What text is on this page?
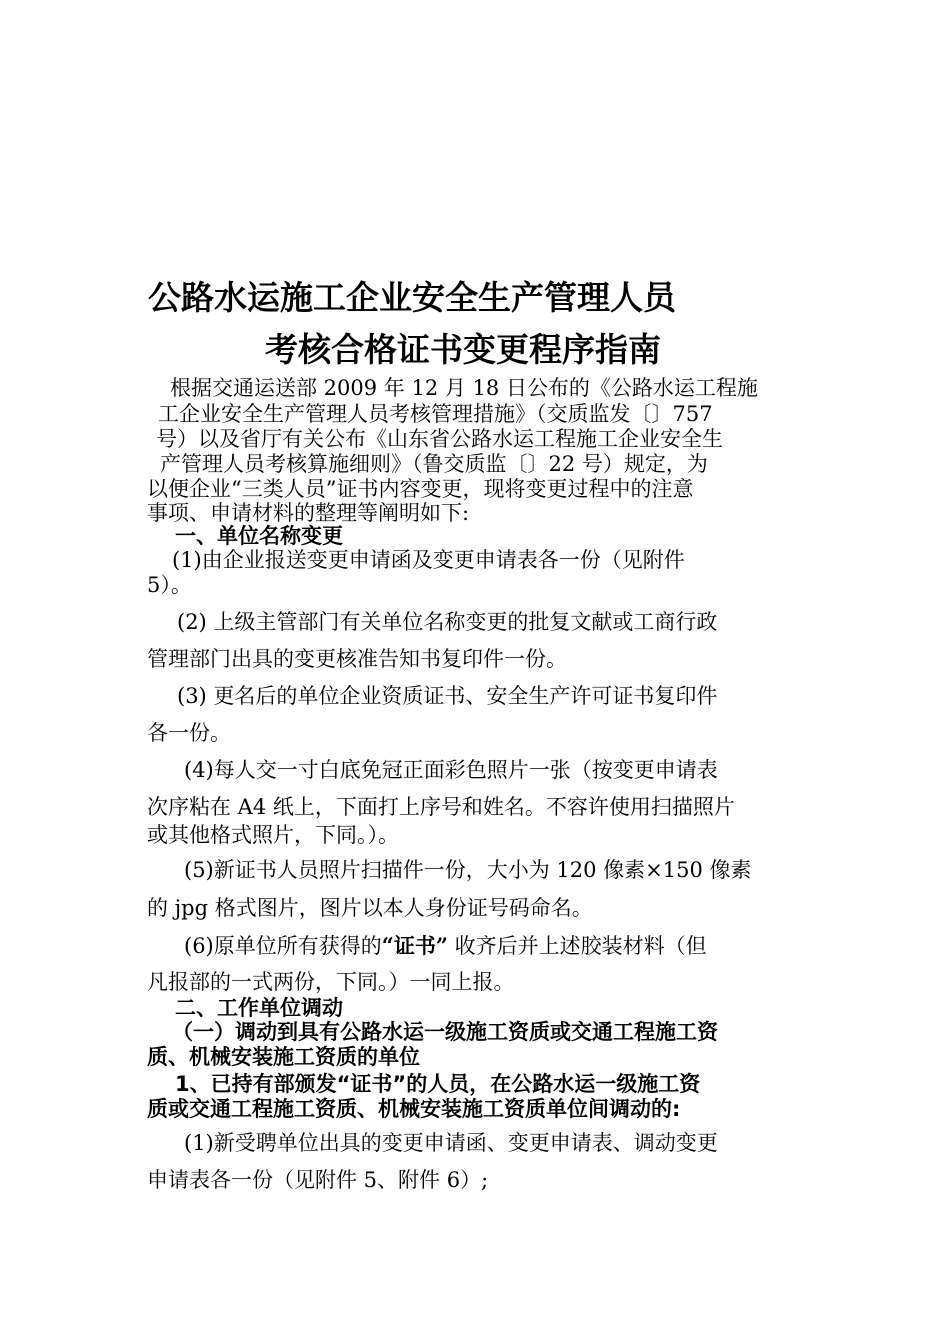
公路水运施工企业安全生产管理人员
考核合格证书变更程序指南
根据交通运送部 2009 年 12 月 18 日公布的《公路水运工程施
工企业安全生产管理人员考核管理措施》（交质监发〔〕757
号）以及省厅有关公布《山东省公路水运工程施工企业安全生
产管理人员考核算施细则》（鲁交质监〔〕22 号）规定，为
以便企业“三类人员”证书内容变更，现将变更过程中的注意
事项、申请材料的整理等阐明如下:
一、单位名称变更
(1)由企业报送变更申请函及变更申请表各一份（见附件
5）。
(2) 上级主管部门有关单位名称变更的批复文献或工商行政
管理部门出具的变更核准告知书复印件一份。
(3) 更名后的单位企业资质证书、安全生产许可证书复印件
各一份。
(4)每人交一寸白底免冠正面彩色照片一张（按变更申请表
次序粘在 A4 纸上，下面打上序号和姓名。不容许使用扫描照片
或其他格式照片，下同。）。
(5)新证书人员照片扫描件一份，大小为 120 像素×150 像素
的 jpg 格式图片，图片以本人身份证号码命名。
(6)原单位所有获得的“证书” 收齐后并上述胶装材料（但
凡报部的一式两份，下同。）一同上报。
二、工作单位调动
（一）调动到具有公路水运一级施工资质或交通工程施工资
质、机械安装施工资质的单位
1、已持有部颁发“证书”的人员，在公路水运一级施工资
质或交通工程施工资质、机械安装施工资质单位间调动的:
(1)新受聘单位出具的变更申请函、变更申请表、调动变更
申请表各一份（见附件 5、附件 6）;
